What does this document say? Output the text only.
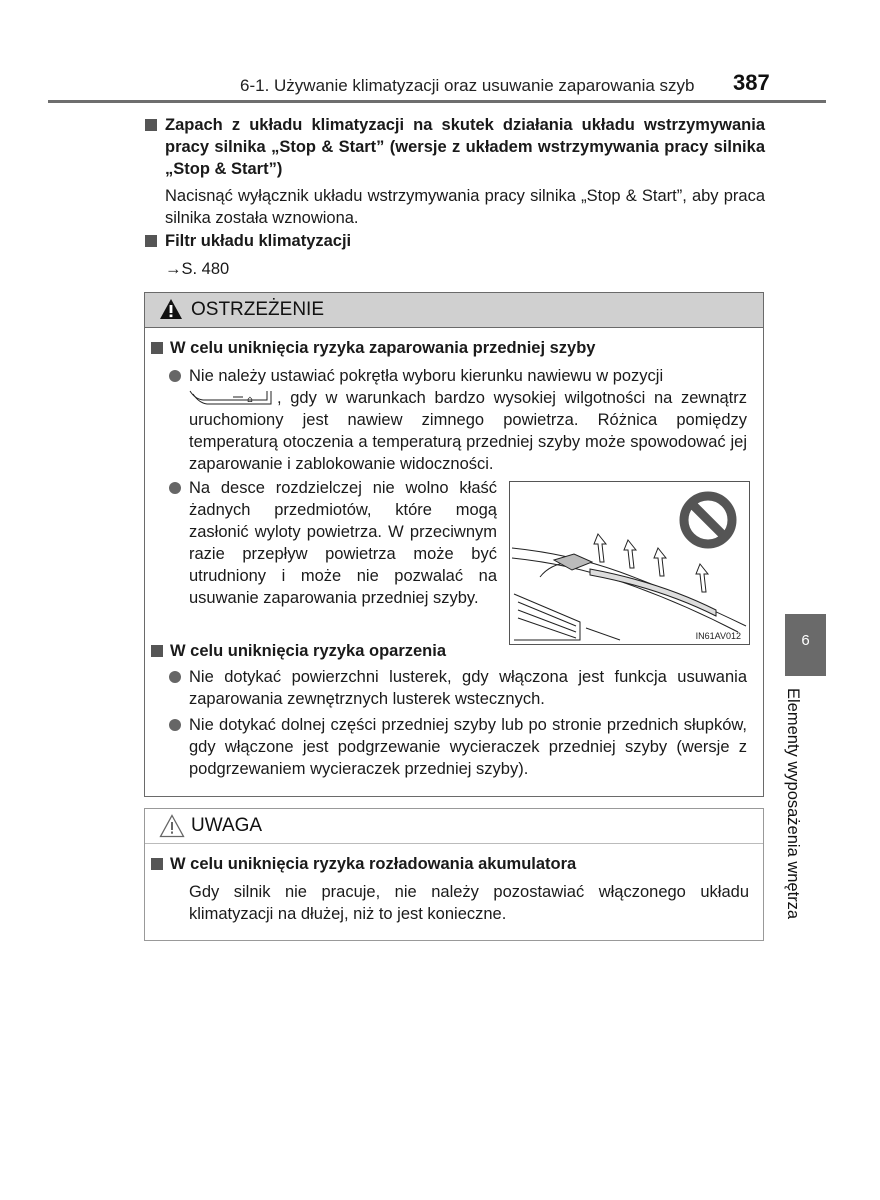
6-1. Używanie klimatyzacji oraz usuwanie zaparowania szyb 387
Zapach z układu klimatyzacji na skutek działania układu wstrzymywania pracy silnika „Stop & Start” (wersje z układem wstrzymywania pracy silnika „Stop & Start”)
Nacisnąć wyłącznik układu wstrzymywania pracy silnika „Stop & Start”, aby praca silnika została wznowiona.
Filtr układu klimatyzacji
→S. 480
OSTRZEŻENIE
W celu uniknięcia ryzyka zaparowania przedniej szyby
Nie należy ustawiać pokrętła wyboru kierunku nawiewu w pozycji

⌂ , gdy w warunkach bardzo wysokiej wilgotności na zewnątrz uruchomiony jest nawiew zimnego powietrza. Różnica pomiędzy temperaturą otoczenia a temperaturą przedniej szyby może spowodować jej zaparowanie i zablokowanie widoczności.
Na desce rozdzielczej nie wolno kłaść żadnych przedmiotów, które mogą zasłonić wyloty powietrza. W przeciwnym razie przepływ powietrza może być utrudniony i może nie pozwalać na usuwanie zaparowania przedniej szyby.
IN61AV012
W celu uniknięcia ryzyka oparzenia
Nie dotykać powierzchni lusterek, gdy włączona jest funkcja usuwania zaparowania zewnętrznych lusterek wstecznych.
Nie dotykać dolnej części przedniej szyby lub po stronie przednich słupków, gdy włączone jest podgrzewanie wycieraczek przedniej szyby (wersje z podgrzewaniem wycieraczek przedniej szyby).
UWAGA
W celu uniknięcia ryzyka rozładowania akumulatora
Gdy silnik nie pracuje, nie należy pozostawiać włączonego układu klimatyzacji na dłużej, niż to jest konieczne.
6
Elementy wyposażenia wnętrza
